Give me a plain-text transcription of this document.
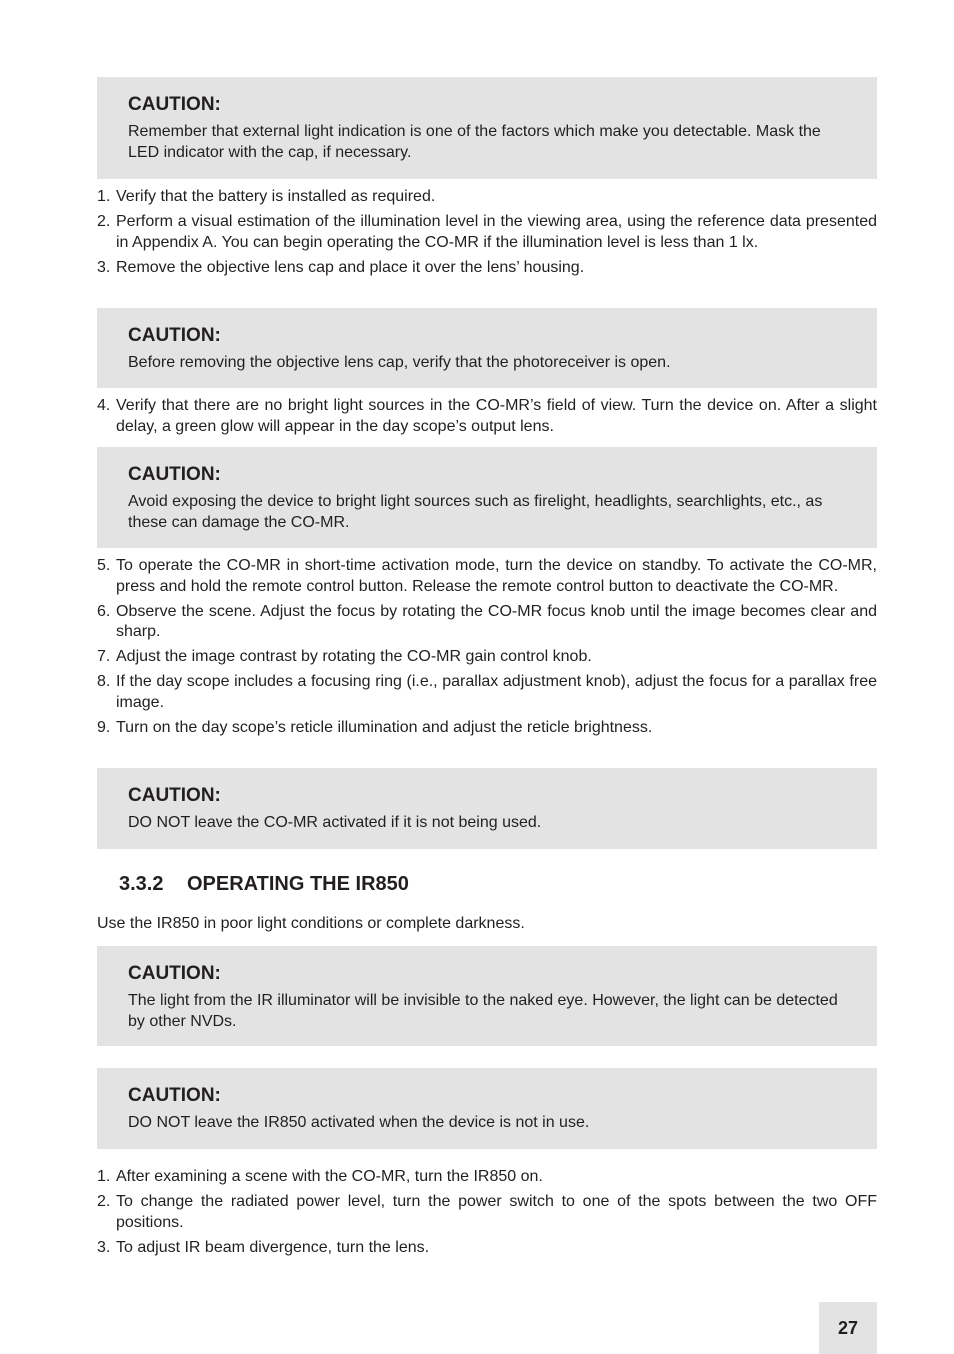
CAUTION:

Remember that external light indication is one of the factors which make you detectable. Mask the LED indicator with the cap, if necessary.

1. Verify that the battery is installed as required.
2. Perform a visual estimation of the illumination level in the viewing area, using the reference data presented in Appendix A. You can begin operating the CO-MR if the illumination level is less than 1 lx.
3. Remove the objective lens cap and place it over the lens’ housing.

CAUTION:

Before removing the objective lens cap, verify that the photoreceiver is open.

4. Verify that there are no bright light sources in the CO-MR’s field of view. Turn the device on. After a slight delay, a green glow will appear in the day scope’s output lens.

CAUTION:

Avoid exposing the device to bright light sources such as firelight, headlights, searchlights, etc., as these can damage the CO-MR.

5. To operate the CO-MR in short-time activation mode, turn the device on standby. To activate the CO-MR, press and hold the remote control button. Release the remote control button to deactivate the CO-MR.
6. Observe the scene. Adjust the focus by rotating the CO-MR focus knob until the image becomes clear and sharp.
7. Adjust the image contrast by rotating the CO-MR gain control knob.
8. If the day scope includes a focusing ring (i.e., parallax adjustment knob), adjust the focus for a parallax free image.
9. Turn on the day scope’s reticle illumination and adjust the reticle brightness.

CAUTION:

DO NOT leave the CO-MR activated if it is not being used.

3.3.2 OPERATING THE IR850

Use the IR850 in poor light conditions or complete darkness.

CAUTION:

The light from the IR illuminator will be invisible to the naked eye. However, the light can be detected by other NVDs.

CAUTION:

DO NOT leave the IR850 activated when the device is not in use.

1. After examining a scene with the CO-MR, turn the IR850 on.
2. To change the radiated power level, turn the power switch to one of the spots between the two OFF positions.
3. To adjust IR beam divergence, turn the lens.
27
